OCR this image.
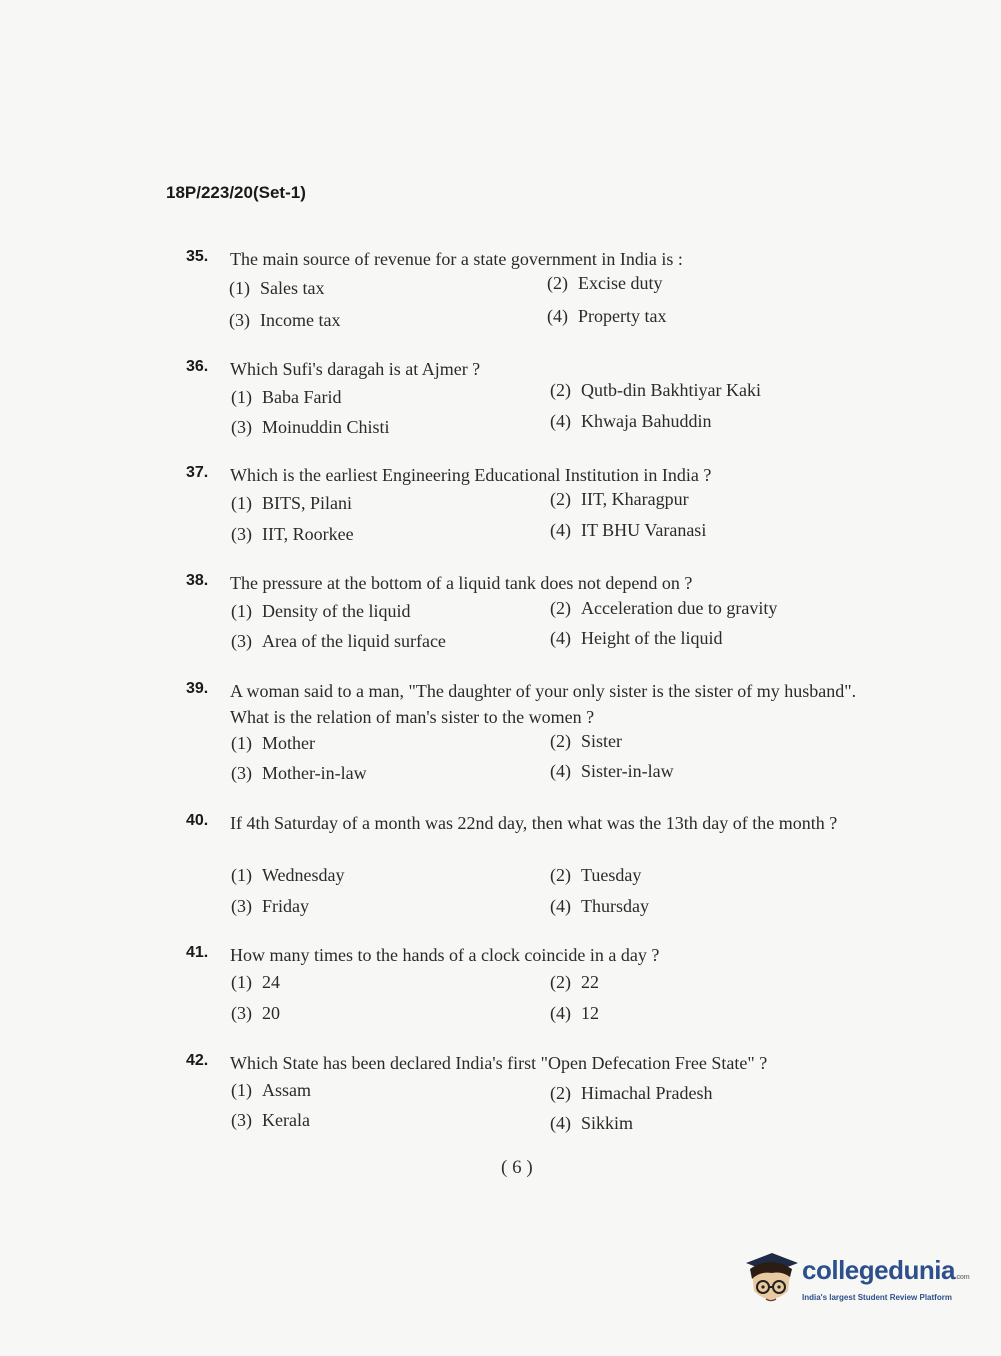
18P/223/20(Set-1)
35. The main source of revenue for a state government in India is :
(1) Sales tax	(2) Excise duty
(3) Income tax	(4) Property tax
36. Which Sufi's daragah is at Ajmer ?
(1) Baba Farid	(2) Qutb-din Bakhtiyar Kaki
(3) Moinuddin Chisti	(4) Khwaja Bahuddin
37. Which is the earliest Engineering Educational Institution in India ?
(1) BITS, Pilani	(2) IIT, Kharagpur
(3) IIT, Roorkee	(4) IT BHU Varanasi
38. The pressure at the bottom of a liquid tank does not depend on ?
(1) Density of the liquid	(2) Acceleration due to gravity
(3) Area of the liquid surface	(4) Height of the liquid
39. A woman said to a man, "The daughter of your only sister is the sister of my husband". What is the relation of man's sister to the women ?
(1) Mother	(2) Sister
(3) Mother-in-law	(4) Sister-in-law
40. If 4th Saturday of a month was 22nd day, then what was the 13th day of the month ?
(1) Wednesday	(2) Tuesday
(3) Friday	(4) Thursday
41. How many times to the hands of a clock coincide in a day ?
(1) 24	(2) 22
(3) 20	(4) 12
42. Which State has been declared India's first "Open Defecation Free State" ?
(1) Assam	(2) Himachal Pradesh
(3) Kerala	(4) Sikkim
( 6 )
collegedunia.com
India's largest Student Review Platform
